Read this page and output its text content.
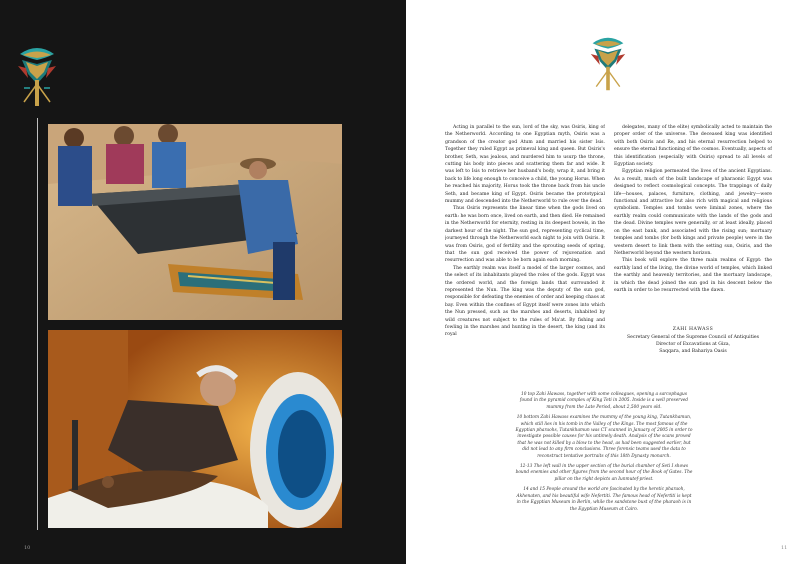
10

Acting in parallel to the sun, lord of the sky, was Osiris, king of the Netherworld. According to one Egyptian myth, Osiris was a grandson of the creator god Atum and married his sister Isis. Together they ruled Egypt as primeval king and queen. But Osiris's brother, Seth, was jealous, and murdered him to usurp the throne, cutting his body into pieces and scattering them far and wide. It was left to Isis to retrieve her husband's body, wrap it, and bring it back to life long enough to conceive a child, the young Horus. When he reached his majority, Horus took the throne back from his uncle Seth, and became king of Egypt. Osiris became the prototypical mummy and descended into the Netherworld to rule over the dead.

Thus Osiris represents the linear time when the gods lived on earth: he was born once, lived on earth, and then died. He remained in the Netherworld for eternity, resting in its deepest bowels, in the darkest hour of the night. The sun god, representing cyclical time, journeyed through the Netherworld each night to join with Osiris. It was from Osiris, god of fertility and the sprouting seeds of spring, that the sun god received the power of rejuvenation and resurrection and was able to be born again each morning.

The earthly realm was itself a model of the larger cosmos, and the select of its inhabitants played the roles of the gods. Egypt was the ordered world, and the foreign lands that surrounded it represented the Nun. The king was the deputy of the sun god, responsible for defeating the enemies of order and keeping chaos at bay. Even within the confines of Egypt itself were zones into which the Nun pressed, such as the marshes and deserts, inhabited by wild creatures not subject to the rules of Ma'at. By fishing and fowling in the marshes and hunting in the desert, the king (and its royal

delegates, many of the elite) symbolically acted to maintain the proper order of the universe. The deceased king was identified with both Osiris and Re, and his eternal resurrection helped to ensure the eternal functioning of the cosmos. Eventually, aspects of this identification (especially with Osiris) spread to all levels of Egyptian society.

Egyptian religion permeated the lives of the ancient Egyptians. As a result, much of the built landscape of pharaonic Egypt was designed to reflect cosmological concepts. The trappings of daily life—houses, palaces, furniture, clothing, and jewelry—were functional and attractive but also rich with magical and religious symbolism. Temples and tombs were liminal zones, where the earthly realm could communicate with the lands of the gods and the dead. Divine temples were generally, or at least ideally, placed on the east bank, and associated with the rising sun; mortuary temples and tombs (for both kings and private people) were in the western desert to link them with the setting sun, Osiris, and the Netherworld beyond the western horizon.

This book will explore the three main realms of Egypt: the earthly land of the living, the divine world of temples, which linked the earthly and heavenly territories, and the mortuary landscape, in which the dead joined the sun god in his descent below the earth in order to be resurrected with the dawn.

ZAHI HAWASS
Secretary General of the Supreme Council of Antiquities
Director of Excavations at Giza,
Saqqara, and Bahariya Oasis

10 top Zahi Hawass, together with some colleagues, opening a sarcophagus found in the pyramid complex of King Teti in 2005. Inside is a well preserved mummy from the Late Period, about 2,500 years old.

10 bottom Zahi Hawass examines the mummy of the young king, Tutankhamun, which still lies in his tomb in the Valley of the Kings. The most famous of the Egyptian pharaohs, Tutankhamun was CT scanned in January of 2005 in order to investigate possible causes for his untimely death. Analysis of the scans proved that he was not killed by a blow to the head, as had been suggested earlier, but did not lead to any firm conclusions. Three forensic teams used the data to reconstruct tentative portraits of this 18th Dynasty monarch.

12-13 The left wall in the upper section of the burial chamber of Seti I shows bound enemies and other figures from the second hour of the Book of Gates. The pillar on the right depicts an Iunmutef-priest.

14 and 15 People around the world are fascinated by the heretic pharaoh, Akhenaten, and his beautiful wife Nefertiti. The famous head of Nefertiti is kept in the Egyptian Museum in Berlin, while the sandstone bust of the pharaoh is in the Egyptian Museum at Cairo.

11
